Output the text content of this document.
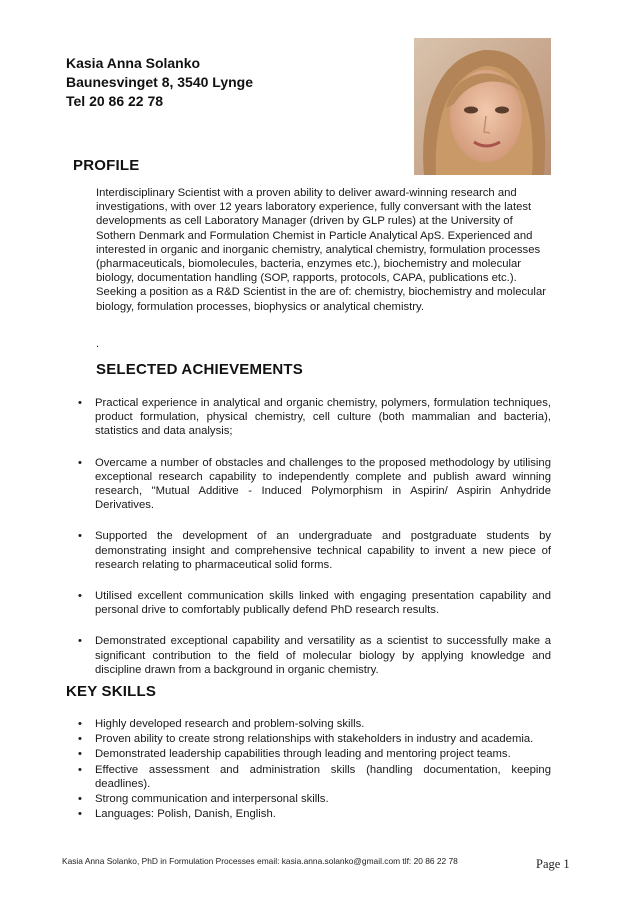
Kasia Anna Solanko
Baunesvinget 8, 3540 Lynge
Tel 20 86 22 78
PROFILE
Interdisciplinary Scientist with a proven ability to deliver award-winning research and investigations, with over 12 years laboratory experience, fully conversant with the latest developments as cell Laboratory Manager (driven by GLP rules) at the University of Sothern Denmark and Formulation Chemist in Particle Analytical ApS. Experienced and interested in organic and inorganic chemistry, analytical chemistry, formulation processes (pharmaceuticals, biomolecules, bacteria, enzymes etc.), biochemistry and molecular biology, documentation handling (SOP, rapports, protocols, CAPA, publications etc.). Seeking a position as a R&D Scientist in the are of: chemistry, biochemistry and molecular biology, formulation processes, biophysics or analytical chemistry.
.
SELECTED ACHIEVEMENTS
• Practical experience in analytical and organic chemistry, polymers, formulation techniques, product formulation, physical chemistry, cell culture (both mammalian and bacteria), statistics and data analysis;
• Overcame a number of obstacles and challenges to the proposed methodology by utilising exceptional research capability to independently complete and publish award winning research, "Mutual Additive - Induced Polymorphism in Aspirin/ Aspirin Anhydride Derivatives.
• Supported the development of an undergraduate and postgraduate students by demonstrating insight and comprehensive technical capability to invent a new piece of research relating to pharmaceutical solid forms.
• Utilised excellent communication skills linked with engaging presentation capability and personal drive to comfortably publically defend PhD research results.
• Demonstrated exceptional capability and versatility as a scientist to successfully make a significant contribution to the field of molecular biology by applying knowledge and discipline drawn from a background in organic chemistry.
KEY SKILLS
• Highly developed research and problem-solving skills.
• Proven ability to create strong relationships with stakeholders in industry and academia.
• Demonstrated leadership capabilities through leading and mentoring project teams.
• Effective assessment and administration skills (handling documentation, keeping deadlines).
• Strong communication and interpersonal skills.
• Languages: Polish, Danish, English.
Kasia Anna Solanko, PhD in Formulation Processes email: kasia.anna.solanko@gmail.com tlf: 20 86 22 78	Page 1
